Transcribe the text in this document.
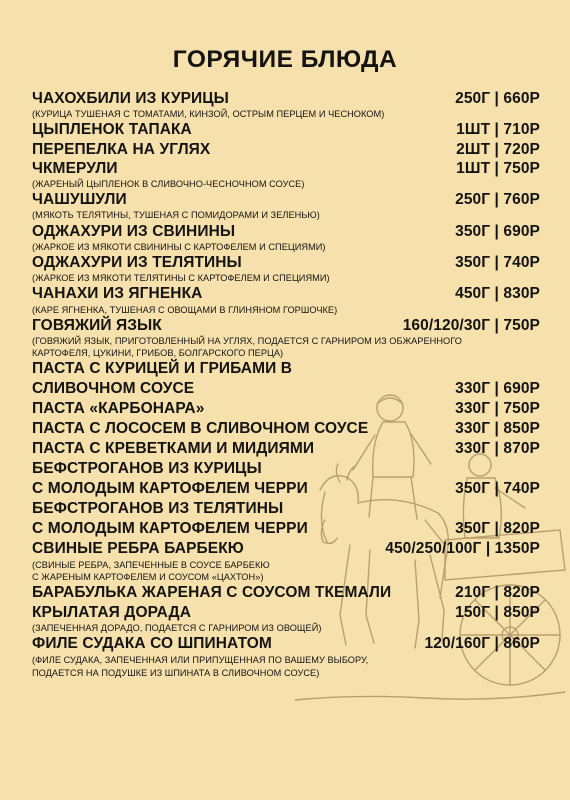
ГОРЯЧИЕ БЛЮДА
ЧАХОХБИЛИ ИЗ КУРИЦЫ	250Г | 660Р
(КУРИЦА ТУШЕНАЯ С ТОМАТАМИ, КИНЗОЙ, ОСТРЫМ ПЕРЦЕМ И ЧЕСНОКОМ)
ЦЫПЛЕНОК ТАПАКА	1ШТ | 710Р
ПЕРЕПЕЛКА НА УГЛЯХ	2ШТ | 720Р
ЧКМЕРУЛИ	1ШТ | 750Р
(ЖАРЕНЫЙ ЦЫПЛЕНОК В СЛИВОЧНО-ЧЕСНОЧНОМ СОУСЕ)
ЧАШУШУЛИ	250Г | 760Р
(МЯКОТЬ ТЕЛЯТИНЫ, ТУШЕНАЯ С ПОМИДОРАМИ И ЗЕЛЕНЬЮ)
ОДЖАХУРИ ИЗ СВИНИНЫ	350Г | 690Р
(ЖАРКОЕ ИЗ МЯКОТИ СВИНИНЫ С КАРТОФЕЛЕМ И СПЕЦИЯМИ)
ОДЖАХУРИ ИЗ ТЕЛЯТИНЫ	350Г | 740Р
(ЖАРКОЕ ИЗ МЯКОТИ ТЕЛЯТИНЫ С КАРТОФЕЛЕМ И СПЕЦИЯМИ)
ЧАНАХИ ИЗ ЯГНЕНКА	450Г | 830Р
(КАРЕ ЯГНЕНКА, ТУШЕНАЯ С ОВОЩАМИ В ГЛИНЯНОМ ГОРШОЧКЕ)
ГОВЯЖИЙ ЯЗЫК	160/120/30Г | 750Р
(ГОВЯЖИЙ ЯЗЫК, ПРИГОТОВЛЕННЫЙ НА УГЛЯХ, ПОДАЕТСЯ С ГАРНИРОМ ИЗ ОБЖАРЕННОГО
КАРТОФЕЛЯ, ЦУКИНИ, ГРИБОВ, БОЛГАРСКОГО ПЕРЦА)
ПАСТА С КУРИЦЕЙ И ГРИБАМИ В
СЛИВОЧНОМ СОУСЕ	330Г | 690Р
ПАСТА «КАРБОНАРА»	330Г | 750Р
ПАСТА С ЛОСОСЕМ В СЛИВОЧНОМ СОУСЕ	330Г | 850Р
ПАСТА С КРЕВЕТКАМИ И МИДИЯМИ	330Г | 870Р
БЕФСТРОГАНОВ ИЗ КУРИЦЫ
С МОЛОДЫМ КАРТОФЕЛЕМ ЧЕРРИ	350Г | 740Р
БЕФСТРОГАНОВ ИЗ ТЕЛЯТИНЫ
С МОЛОДЫМ КАРТОФЕЛЕМ ЧЕРРИ	350Г | 820Р
СВИНЫЕ РЕБРА БАРБЕКЮ	450/250/100Г | 1350Р
(СВИНЫЕ РЕБРА, ЗАПЕЧЕННЫЕ В СОУСЕ БАРБЕКЮ
С ЖАРЕНЫМ КАРТОФЕЛЕМ И СОУСОМ «ЦАХТОН»)
БАРАБУЛЬКА ЖАРЕНАЯ С СОУСОМ ТКЕМАЛИ	210Г | 820Р
КРЫЛАТАЯ ДОРАДА	150Г | 850Р
(ЗАПЕЧЕННАЯ ДОРАДО, ПОДАЕТСЯ С ГАРНИРОМ ИЗ ОВОЩЕЙ)
ФИЛЕ СУДАКА СО ШПИНАТОМ	120/160Г | 860Р
(ФИЛЕ СУДАКА, ЗАПЕЧЕННАЯ ИЛИ ПРИПУЩЕННАЯ ПО ВАШЕМУ ВЫБОРУ,
ПОДАЕТСЯ НА ПОДУШКЕ ИЗ ШПИНАТА В СЛИВОЧНОМ СОУСЕ)
